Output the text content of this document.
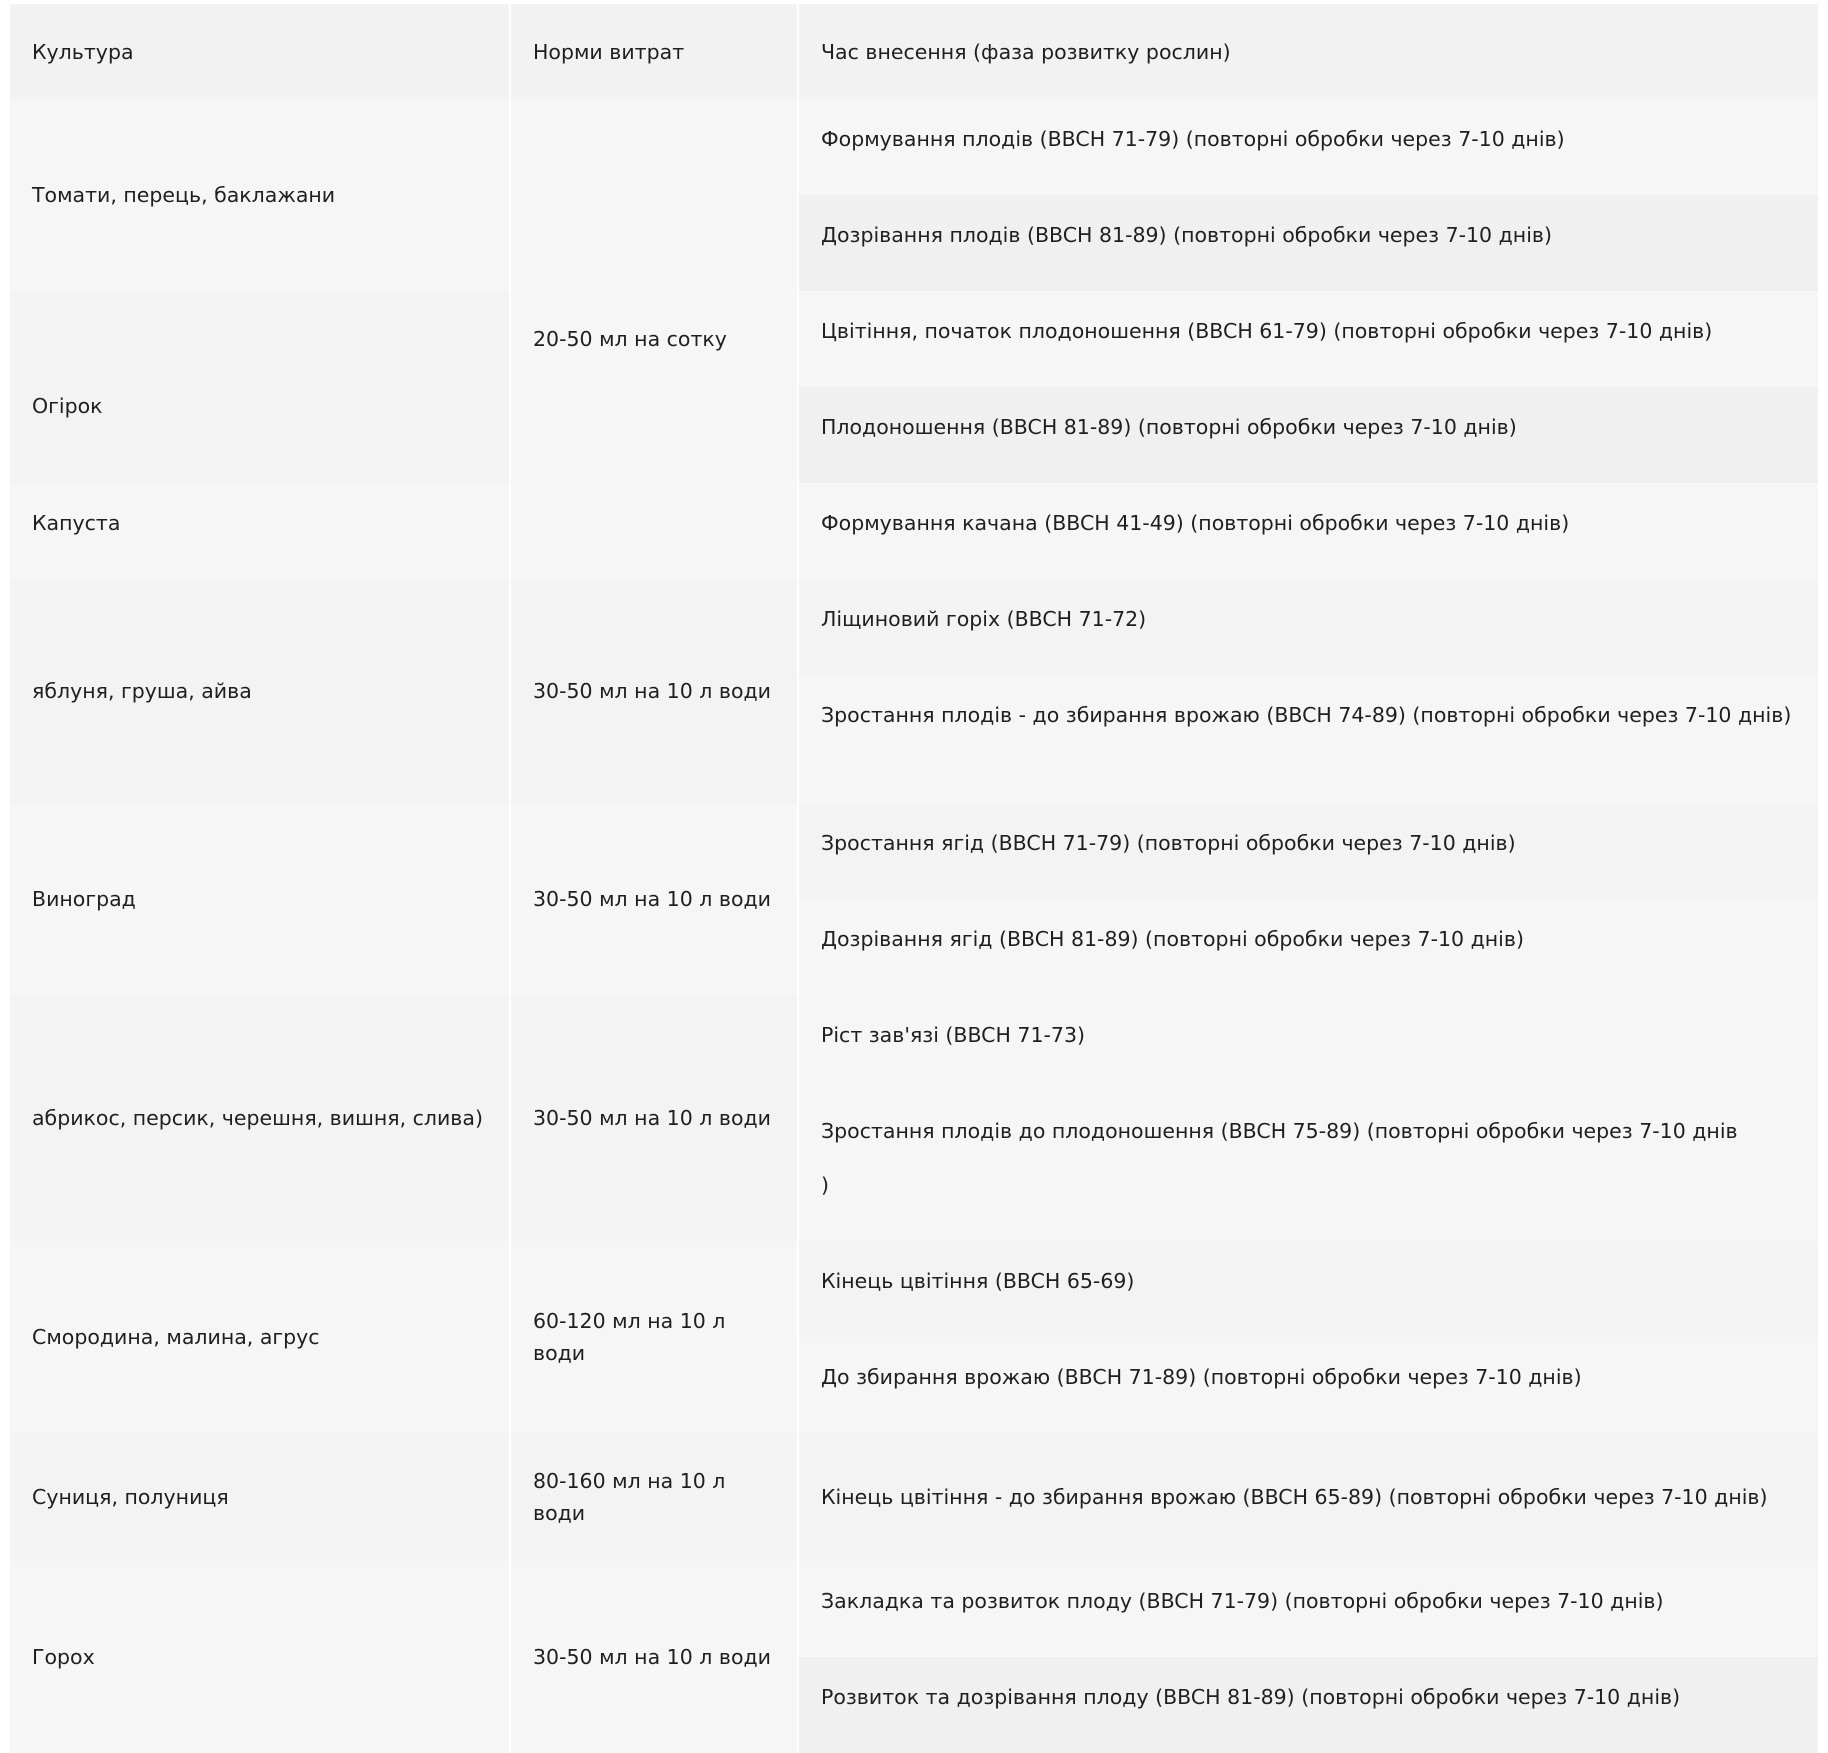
Культура	Норми витрат	Час внесення (фаза розвитку рослин)
Томати, перець, баклажани	20-50 мл на сотку	Формування плодів (BBCH 71-79) (повторні обробки через 7-10 днів)
		Дозрівання плодів (BBCH 81-89) (повторні обробки через 7-10 днів)
Огірок		Цвітіння, початок плодоношення (BBCH 61-79) (повторні обробки через 7-10 днів)
		Плодоношення (BBCH 81-89) (повторні обробки через 7-10 днів)
Капуста		Формування качана (BBCH 41-49) (повторні обробки через 7-10 днів)
яблуня, груша, айва	30-50 мл на 10 л води	Ліщиновий горіх (BBCH 71-72)
		Зростання плодів - до збирання врожаю (BBCH 74-89) (повторні обробки через 7-10 днів)
Виноград	30-50 мл на 10 л води	Зростання ягід (BBCH 71-79) (повторні обробки через 7-10 днів)
		Дозрівання ягід (BBCH 81-89) (повторні обробки через 7-10 днів)
абрикос, персик, черешня, вишня, слива)	30-50 мл на 10 л води	Ріст зав'язі (BBCH 71-73)
		Зростання плодів до плодоношення (BBCH 75-89) (повторні обробки через 7-10 днів
)

Смородина, малина, агрус	60-120 мл на 10 л води	Кінець цвітіння (BBCH 65-69)
		До збирання врожаю (BBCH 71-89) (повторні обробки через 7-10 днів)
Суниця, полуниця	80-160 мл на 10 л води	Кінець цвітіння - до збирання врожаю (BBCH 65-89) (повторні обробки через 7-10 днів)
Горох	30-50 мл на 10 л води	Закладка та розвиток плоду (BBCH 71-79) (повторні обробки через 7-10 днів)
		Розвиток та дозрівання плоду (BBCH 81-89) (повторні обробки через 7-10 днів)
